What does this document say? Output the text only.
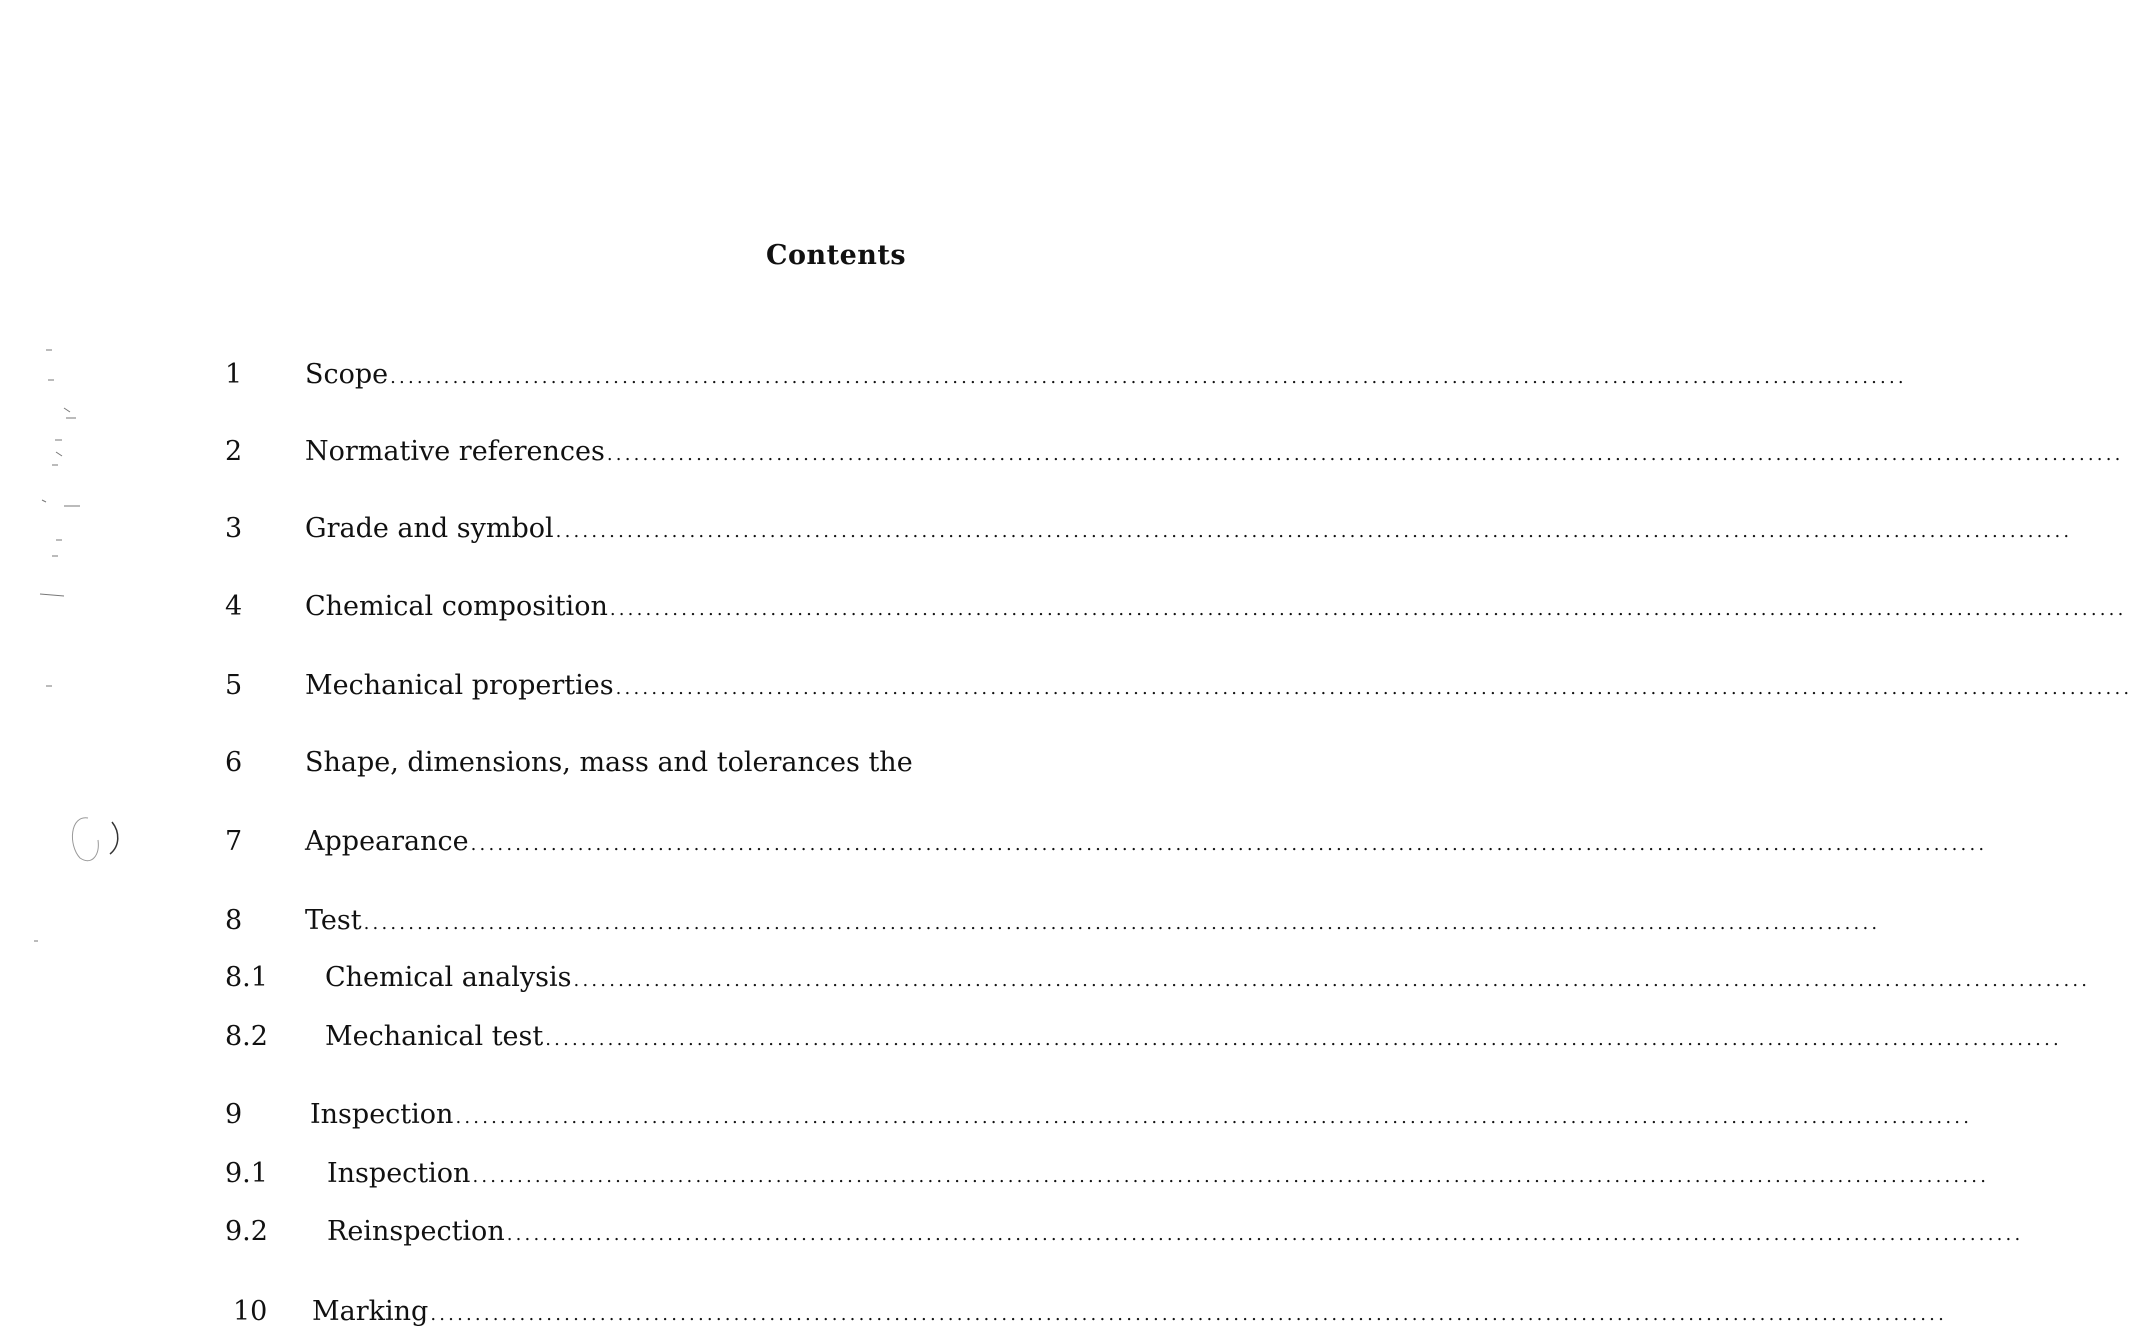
Contents
1 Scope ..........................................................................................................................................................................
2 Normative references ..........................................................................................................................................................................
3 Grade and symbol ..........................................................................................................................................................................
4 Chemical composition ..........................................................................................................................................................................
5 Mechanical properties ..........................................................................................................................................................................
6 Shape, dimensions, mass and tolerances the
7 Appearance ..........................................................................................................................................................................
8 Test ..........................................................................................................................................................................
8.1 Chemical analysis ..........................................................................................................................................................................
8.2 Mechanical test ..........................................................................................................................................................................
9	Inspection ..........................................................................................................................................................................
9.1 Inspection ..........................................................................................................................................................................
9.2 Reinspection ..........................................................................................................................................................................
10 Marking ..........................................................................................................................................................................
